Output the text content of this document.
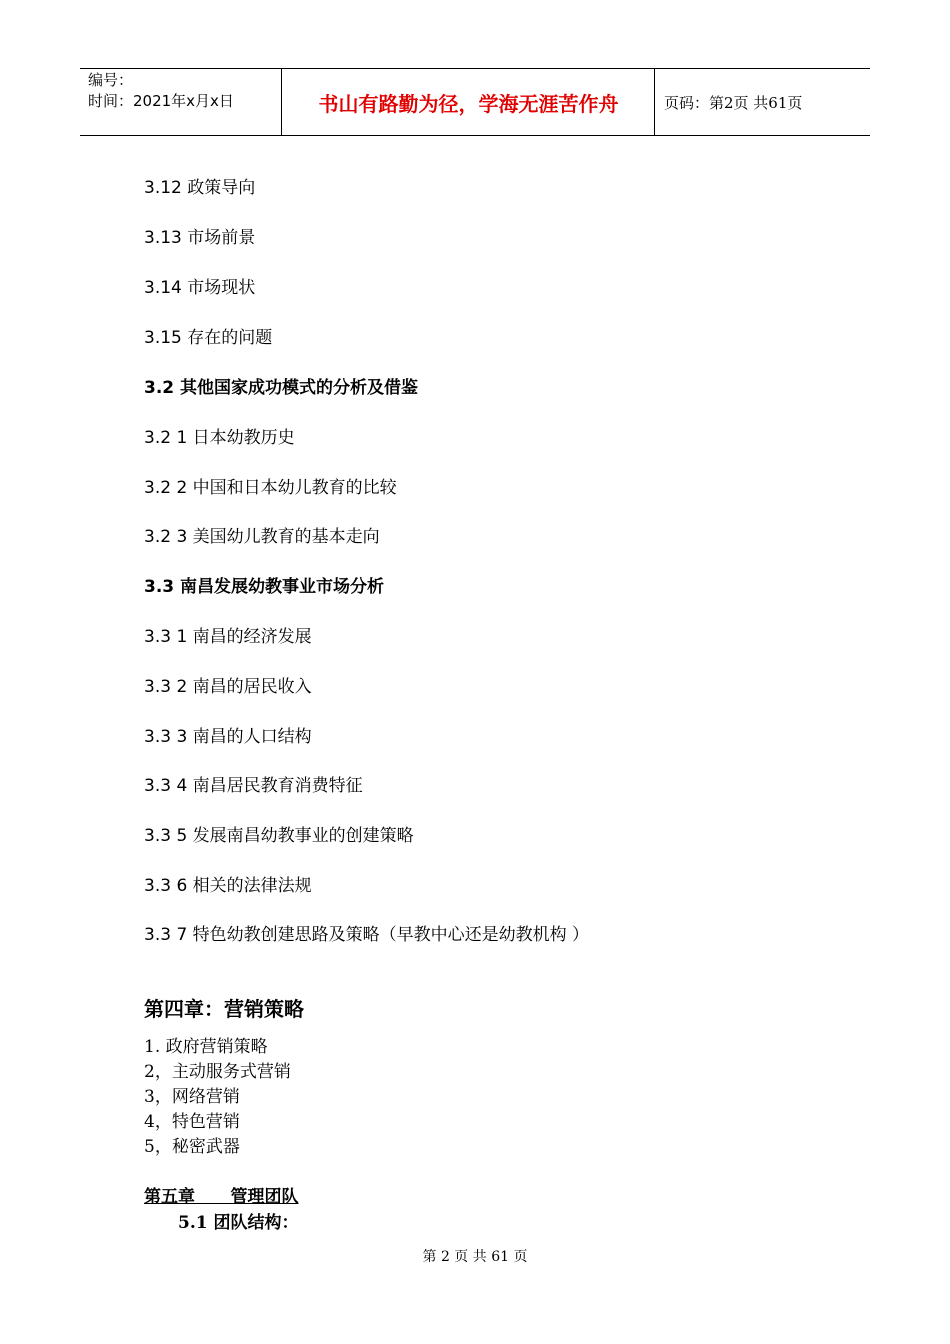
编号：
时间：2021年x月x日	书山有路勤为径，学海无涯苦作舟	页码：第2页 共61页
3.12 政策导向
3.13 市场前景
3.14 市场现状
3.15 存在的问题
3.2 其他国家成功模式的分析及借鉴
3.2 1 日本幼教历史
3.2 2 中国和日本幼儿教育的比较
3.2 3 美国幼儿教育的基本走向
3.3 南昌发展幼教事业市场分析
3.3 1 南昌的经济发展
3.3 2 南昌的居民收入
3.3 3 南昌的人口结构
3.3 4 南昌居民教育消费特征
3.3 5 发展南昌幼教事业的创建策略
3.3 6 相关的法律法规
3.3 7 特色幼教创建思路及策略（早教中心还是幼教机构 ）
第四章：营销策略
1. 政府营销策略
2，主动服务式营销
3，网络营销
4，特色营销
5，秘密武器
第五章      管理团队
5.1 团队结构：
第 2 页 共 61 页
